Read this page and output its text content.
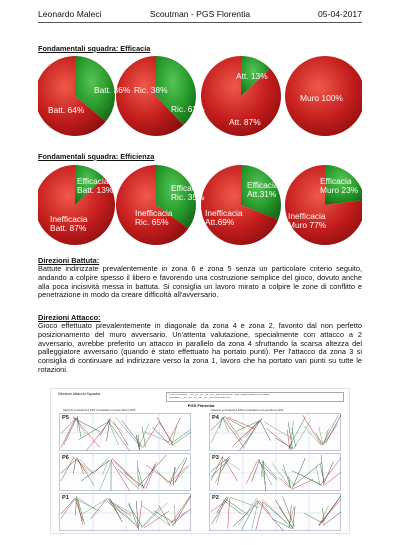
Leonardo Maleci	Scoutman - PGS Florentia	05-04-2017
Fondamentali squadra: Efficacia
Batt. 36%
Batt. 64%
Ric. 38%
Ric. 62%
Att. 13%
Att. 87%
Muro 100%
Fondamentali squadra: Efficienza
Efficacia Batt. 13%
Inefficacia Batt. 87%
Efficacia Ric. 35%
Inefficacia Ric. 65%
Efficacia Att.31%
Inefficacia Att.69%
Efficacia Muro 23%
Inefficacia Muro 77%
Direzioni Battuta:
Battute indirizzate prevalentemente in zona 6 e zona 5 senza un particolare criterio seguito, andando a colpire spesso il libero e favorendo una costruzione semplice del gioco, dovuto anche alla poca incisività messa in battuta. Si consiglia un lavoro mirato a colpire le zone di conflitto e penetrazione in modo da creare difficoltà all'avversario.
Direzioni Attacco:
Gioco effettuato prevalentemente in diagonale da zona 4 e zona 2, favorito dal non perfetto posizionamento del muro avversario. Un'attenta valutazione, specialmente con attacco a 2 avversario, avrebbe preferito un attacco in parallelo da zona 4 sfruttando la scarsa altezza del palleggiatore avversario (quando è stato effettuato ha portato punti). Per l'attacco da zona 3 si consiglia di continuare ad indirizzare verso la zona 1, lavoro che ha portato vari punti su tutte le rotazioni.
Direzioni Attacchi Squadra	PGS Florentia 3 _ 08 _21 _23 _16 _14 _188 05/03/2017 Msp Coppa Italia 2016 Andata
Scindiaa 2 _ 25 _25 _21 _25 _18 _189 11:00 Femmin
PGS Florentia
Attacchi su Rotazioni P06 Contrattacco a dopo Rinvio N05	Attacchi su Rotazioni P05 Contrattacco a dopo Rinvio N02
P5	P4
P6	P3
P1	P2
